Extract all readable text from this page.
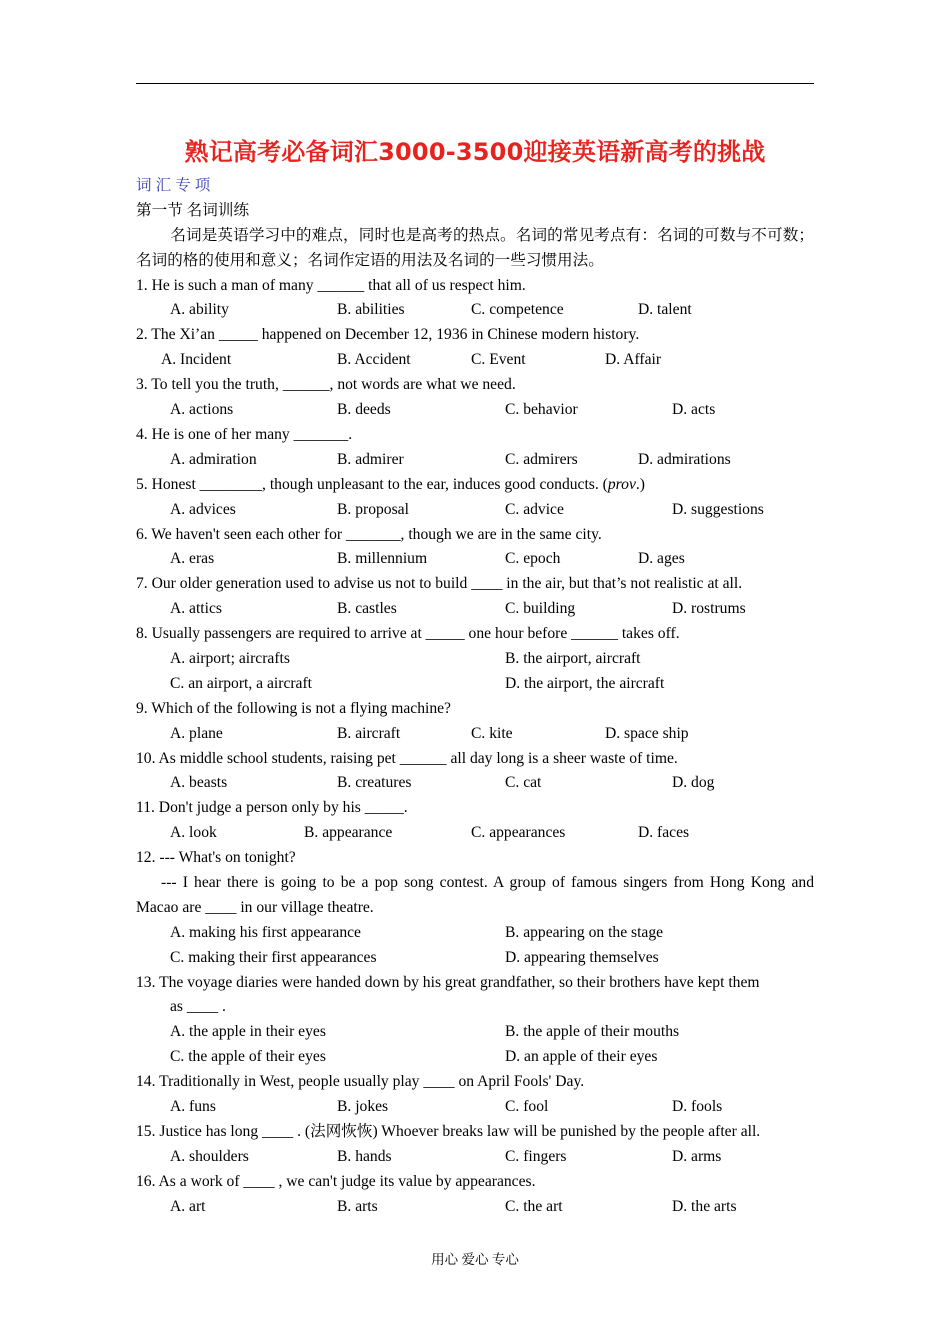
熟记高考必备词汇3000-3500迎接英语新高考的挑战
词汇专项
第一节 名词训练
名词是英语学习中的难点，同时也是高考的热点。名词的常见考点有：名词的可数与不可数；名词的格的使用和意义；名词作定语的用法及名词的一些习惯用法。
1. He is such a man of many ______ that all of us respect him.
A. ability	B. abilities	C. competence	D. talent
2. The Xi’an _____ happened on December 12, 1936 in Chinese modern history.
A. Incident	B. Accident	C. Event	D. Affair
3. To tell you the truth, ______, not words are what we need.
A. actions	B. deeds	C. behavior	D. acts
4. He is one of her many _______.
A. admiration	B. admirer	C. admirers	D. admirations
5. Honest ________, though unpleasant to the ear, induces good conducts. (prov.)
A. advices	B. proposal	C. advice	D. suggestions
6. We haven't seen each other for _______, though we are in the same city.
A. eras	B. millennium	C. epoch	D. ages
7. Our older generation used to advise us not to build ____ in the air, but that’s not realistic at all.
A. attics	B. castles	C. building	D. rostrums
8. Usually passengers are required to arrive at _____ one hour before ______ takes off.
A. airport; aircrafts	B. the airport, aircraft
C. an airport, a aircraft	D. the airport, the aircraft
9. Which of the following is not a flying machine?
A. plane	B. aircraft	C. kite	D. space ship
10. As middle school students, raising pet ______ all day long is a sheer waste of time.
A. beasts	B. creatures	C. cat	D. dog
11. Don't judge a person only by his _____.
A. look	B. appearance	C. appearances	D. faces
12. --- What's on tonight?
--- I hear there is going to be a pop song contest. A group of famous singers from Hong Kong and Macao are ____ in our village theatre.
A. making his first appearance	B. appearing on the stage
C. making their first appearances	D. appearing themselves
13. The voyage diaries were handed down by his great grandfather, so their brothers have kept them
as ____ .
A. the apple in their eyes	B. the apple of their mouths
C. the apple of their eyes	D. an apple of their eyes
14. Traditionally in West, people usually play ____ on April Fools' Day.
A. funs	B. jokes	C. fool	D. fools
15. Justice has long ____ . (法网恢恢) Whoever breaks law will be punished by the people after all.
A. shoulders	B. hands	C. fingers	D. arms
16. As a work of ____ , we can't judge its value by appearances.
A. art	B. arts	C. the art	D. the arts
用心 爱心 专心
